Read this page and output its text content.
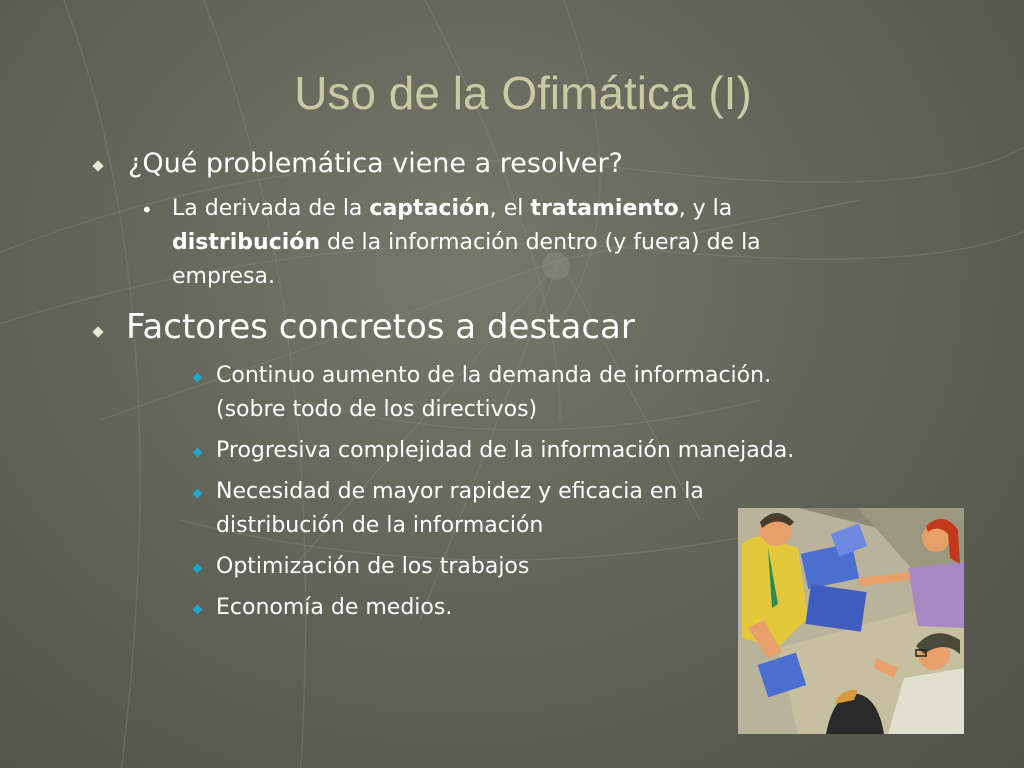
Uso de la Ofimática (I)
¿Qué problemática viene a resolver?
• La derivada de la captación, el tratamiento, y la
distribución de la información dentro (y fuera) de la
empresa.
Factores concretos a destacar
Continuo aumento de la demanda de información.
(sobre todo de los directivos)
Progresiva complejidad de la información manejada.
Necesidad de mayor rapidez y eficacia en la
distribución de la información
Optimización de los trabajos
Economía de medios.
